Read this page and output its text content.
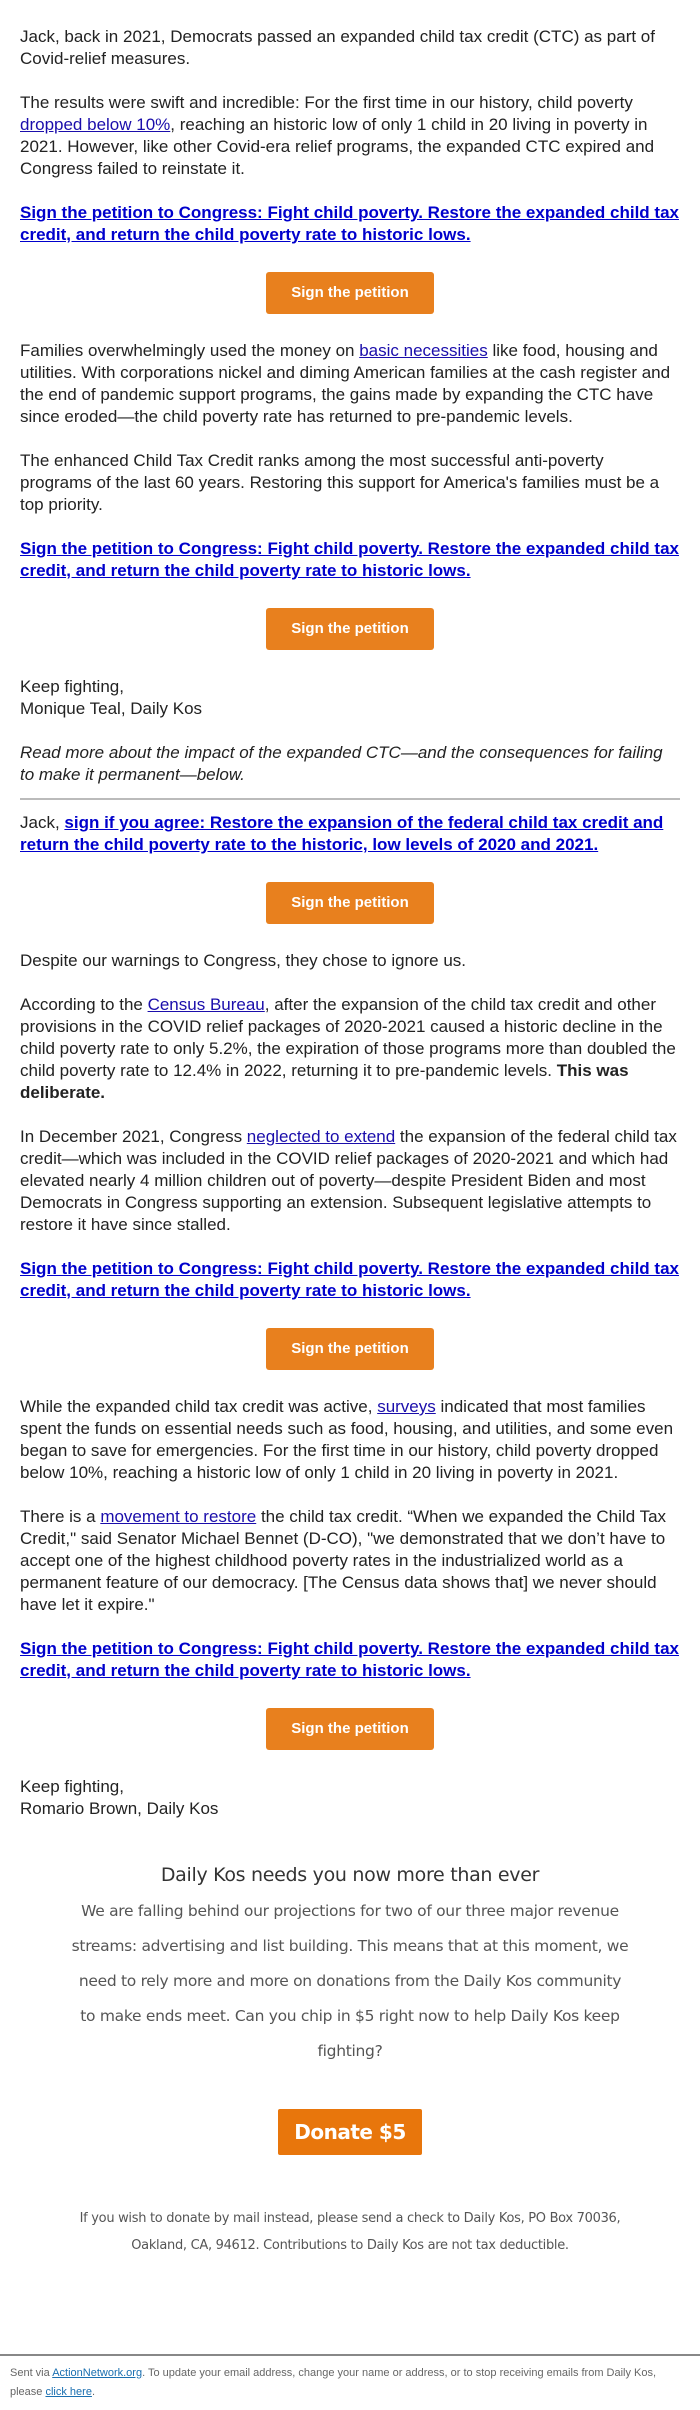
Jack, back in 2021, Democrats passed an expanded child tax credit (CTC) as part of Covid-relief measures.

The results were swift and incredible: For the first time in our history, child poverty dropped below 10%, reaching an historic low of only 1 child in 20 living in poverty in 2021. However, like other Covid-era relief programs, the expanded CTC expired and Congress failed to reinstate it.

Sign the petition to Congress: Fight child poverty. Restore the expanded child tax credit, and return the child poverty rate to historic lows.

Sign the petition

Families overwhelmingly used the money on basic necessities like food, housing and utilities. With corporations nickel and diming American families at the cash register and the end of pandemic support programs, the gains made by expanding the CTC have since eroded—the child poverty rate has returned to pre-pandemic levels.

The enhanced Child Tax Credit ranks among the most successful anti-poverty programs of the last 60 years. Restoring this support for America's families must be a top priority.

Sign the petition to Congress: Fight child poverty. Restore the expanded child tax credit, and return the child poverty rate to historic lows.

Sign the petition

Keep fighting,
Monique Teal, Daily Kos

Read more about the impact of the expanded CTC—and the consequences for failing to make it permanent—below.

Jack, sign if you agree: Restore the expansion of the federal child tax credit and return the child poverty rate to the historic, low levels of 2020 and 2021.

Sign the petition

Despite our warnings to Congress, they chose to ignore us.

According to the Census Bureau, after the expansion of the child tax credit and other provisions in the COVID relief packages of 2020-2021 caused a historic decline in the child poverty rate to only 5.2%, the expiration of those programs more than doubled the child poverty rate to 12.4% in 2022, returning it to pre-pandemic levels. This was deliberate.

In December 2021, Congress neglected to extend the expansion of the federal child tax credit—which was included in the COVID relief packages of 2020-2021 and which had elevated nearly 4 million children out of poverty—despite President Biden and most Democrats in Congress supporting an extension. Subsequent legislative attempts to restore it have since stalled.

Sign the petition to Congress: Fight child poverty. Restore the expanded child tax credit, and return the child poverty rate to historic lows.

Sign the petition

While the expanded child tax credit was active, surveys indicated that most families spent the funds on essential needs such as food, housing, and utilities, and some even began to save for emergencies. For the first time in our history, child poverty dropped below 10%, reaching a historic low of only 1 child in 20 living in poverty in 2021.

There is a movement to restore the child tax credit. “When we expanded the Child Tax Credit," said Senator Michael Bennet (D-CO), "we demonstrated that we don’t have to accept one of the highest childhood poverty rates in the industrialized world as a permanent feature of our democracy. [The Census data shows that] we never should have let it expire."

Sign the petition to Congress: Fight child poverty. Restore the expanded child tax credit, and return the child poverty rate to historic lows.

Sign the petition

Keep fighting,
Romario Brown, Daily Kos

Daily Kos needs you now more than ever

We are falling behind our projections for two of our three major revenue streams: advertising and list building. This means that at this moment, we need to rely more and more on donations from the Daily Kos community to make ends meet. Can you chip in $5 right now to help Daily Kos keep fighting?

Donate $5

If you wish to donate by mail instead, please send a check to Daily Kos, PO Box 70036, Oakland, CA, 94612. Contributions to Daily Kos are not tax deductible.

Sent via ActionNetwork.org. To update your email address, change your name or address, or to stop receiving emails from Daily Kos, please click here.
